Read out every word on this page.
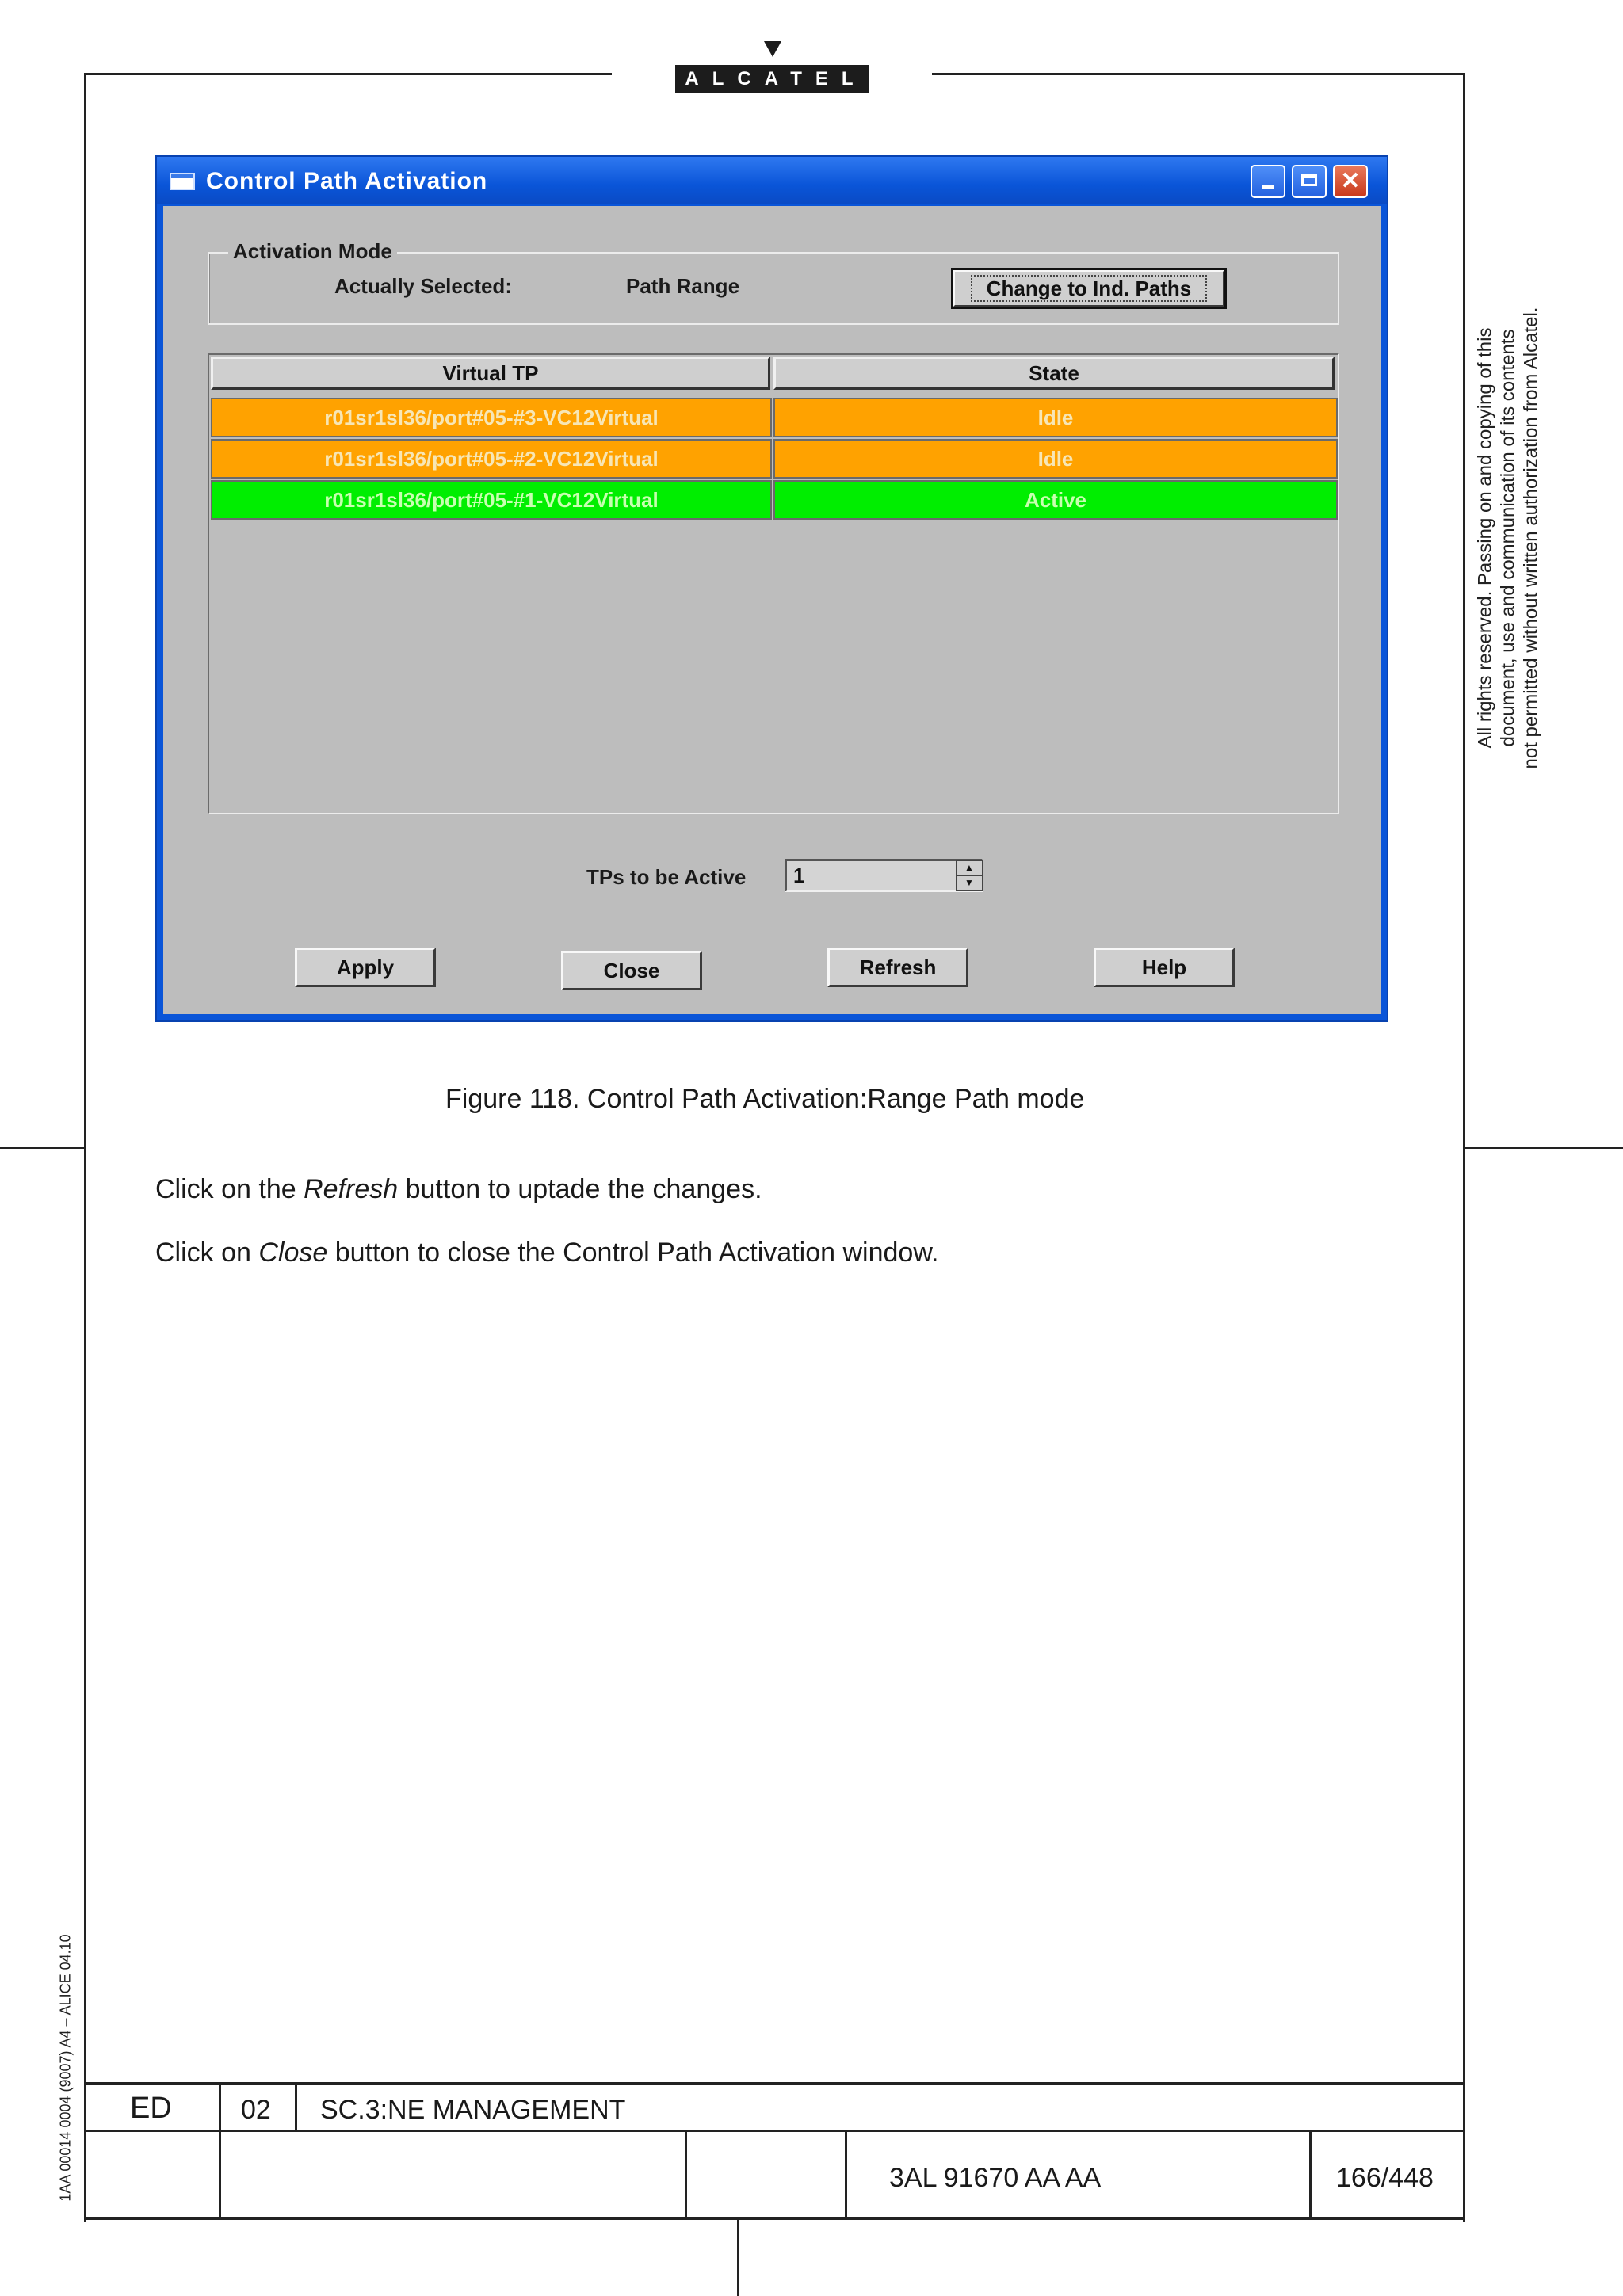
ALCATEL
All rights reserved. Passing on and copying of this document, use and communication of its contents not permitted without written authorization from Alcatel.
1AA 00014 0004 (9007) A4 – ALICE 04.10
Control Path Activation	✕
Activation Mode
Actually Selected:	Path Range	Change to Ind. Paths
Virtual TP	State
r01sr1sl36/port#05-#3-VC12Virtual	Idle
r01sr1sl36/port#05-#2-VC12Virtual	Idle
r01sr1sl36/port#05-#1-VC12Virtual	Active
TPs to be Active	1	▲
▼
Apply	Close	Refresh	Help
Figure 118. Control Path Activation:Range Path mode
Click on the Refresh button to uptade the changes.
Click on Close button to close the Control Path Activation window.
ED	02 SC.3:NE MANAGEMENT
3AL 91670 AA AA	166/448
